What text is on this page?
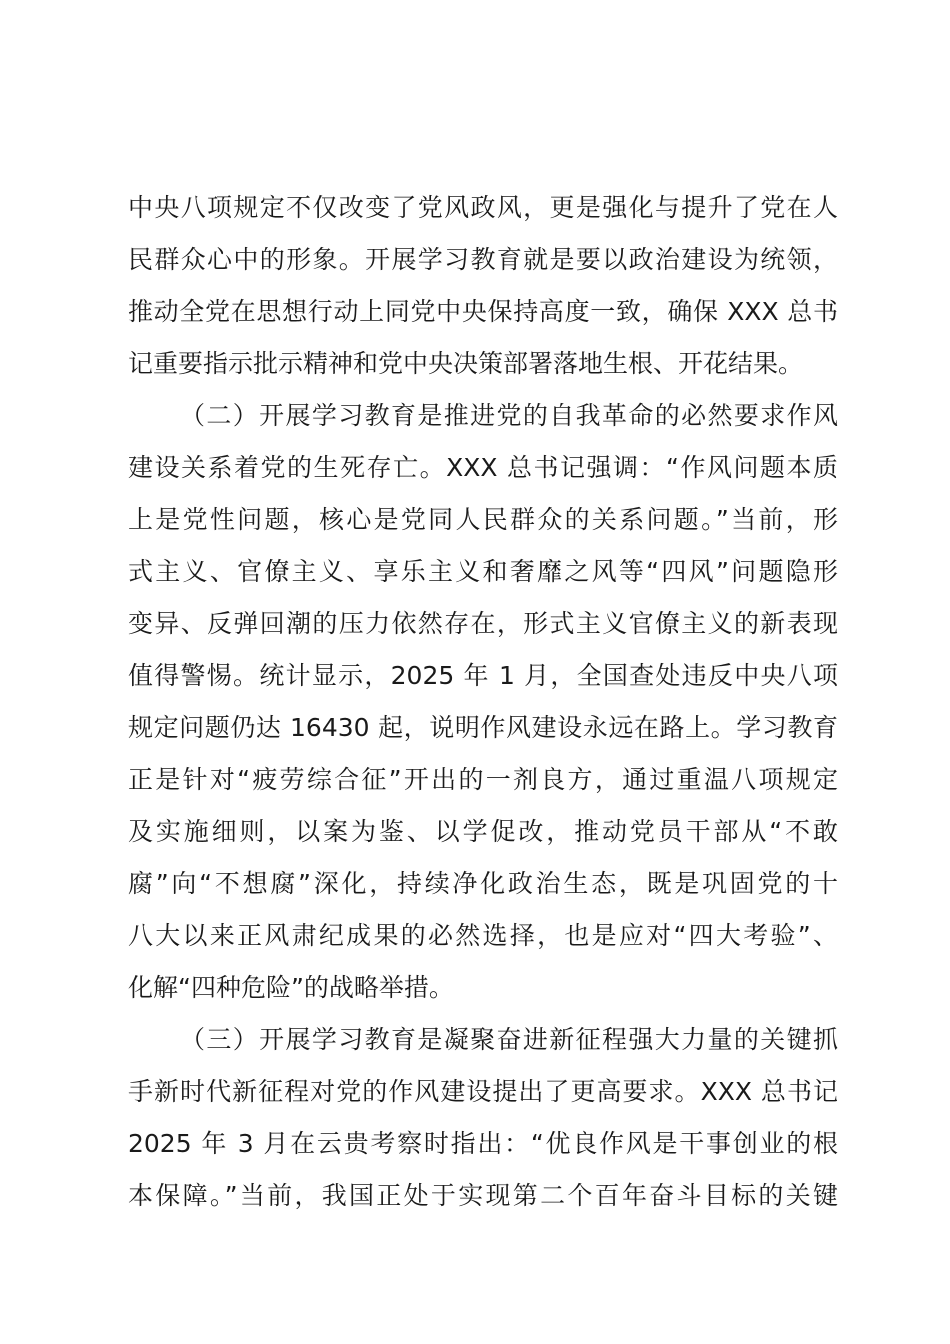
中央八项规定不仅改变了党风政风，更是强化与提升了党在人
民群众心中的形象。开展学习教育就是要以政治建设为统领，
推动全党在思想行动上同党中央保持高度一致，确保 XXX 总书
记重要指示批示精神和党中央决策部署落地生根、开花结果。
（二）开展学习教育是推进党的自我革命的必然要求作风
建设关系着党的生死存亡。XXX 总书记强调：“作风问题本质
上是党性问题，核心是党同人民群众的关系问题。”当前，形
式主义、官僚主义、享乐主义和奢靡之风等“四风”问题隐形
变异、反弹回潮的压力依然存在，形式主义官僚主义的新表现
值得警惕。统计显示，2025 年 1 月，全国查处违反中央八项
规定问题仍达 16430 起，说明作风建设永远在路上。学习教育
正是针对“疲劳综合征”开出的一剂良方，通过重温八项规定
及实施细则，以案为鉴、以学促改，推动党员干部从“不敢
腐”向“不想腐”深化，持续净化政治生态，既是巩固党的十
八大以来正风肃纪成果的必然选择，也是应对“四大考验”、
化解“四种危险”的战略举措。
（三）开展学习教育是凝聚奋进新征程强大力量的关键抓
手新时代新征程对党的作风建设提出了更高要求。XXX 总书记
2025 年 3 月在云贵考察时指出：“优良作风是干事创业的根
本保障。”当前，我国正处于实现第二个百年奋斗目标的关键
